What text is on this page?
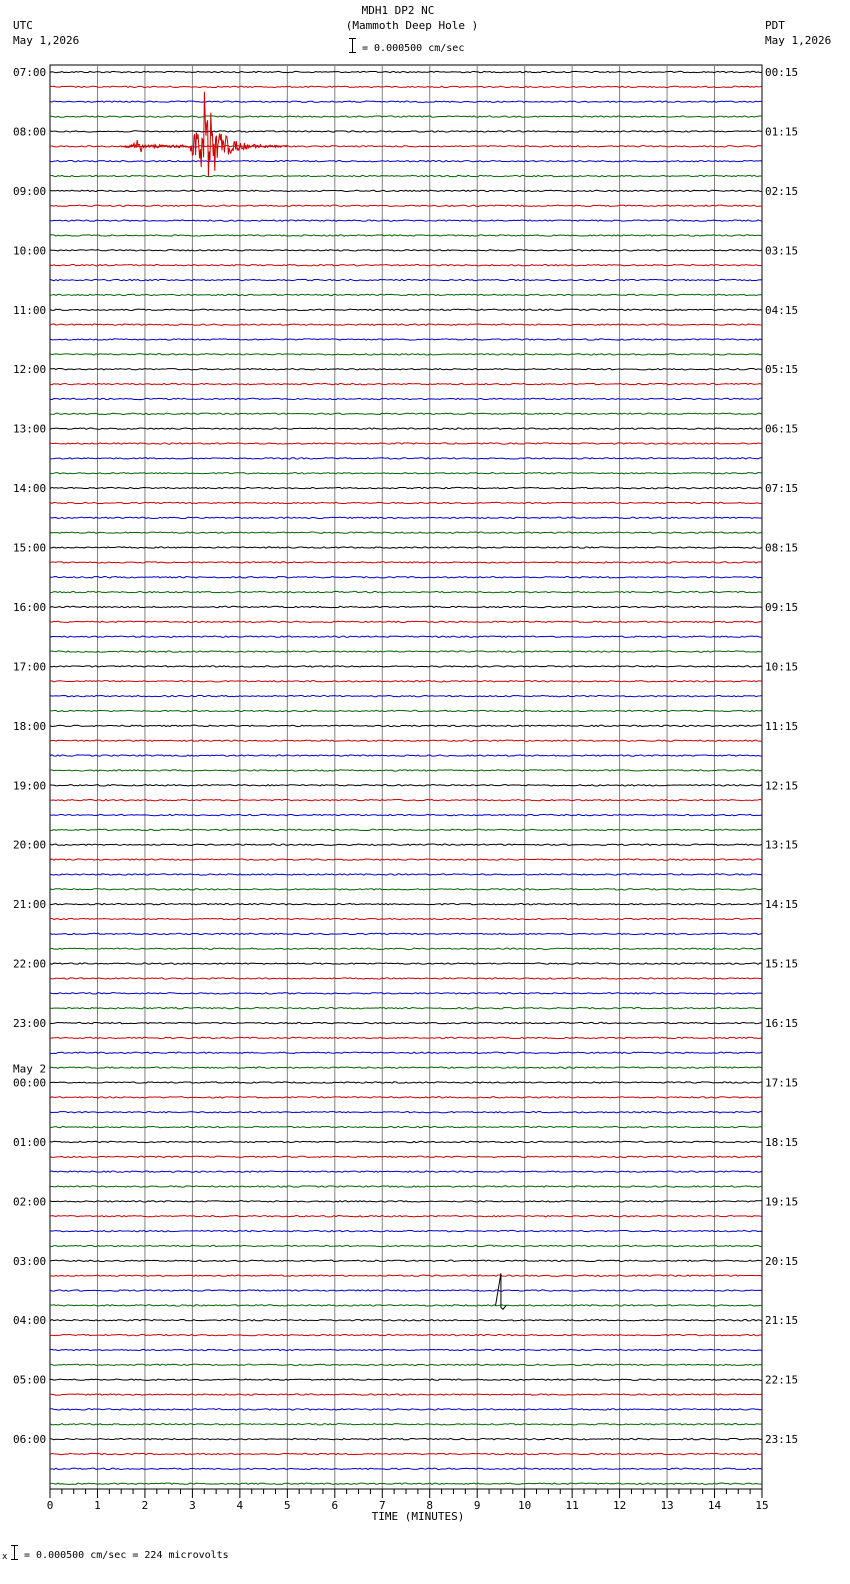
MDH1 DP2 NC
(Mammoth Deep Hole )
= 0.000500 cm/sec
UTC
May 1,2026
PDT
May 1,2026
07:00
08:00
09:00
10:00
11:00
12:00
13:00
14:00
15:00
16:00
17:00
18:00
19:00
20:00
21:00
22:00
23:00
00:00
May 2
01:00
02:00
03:00
04:00
05:00
06:00
00:15
01:15
02:15
03:15
04:15
05:15
06:15
07:15
08:15
09:15
10:15
11:15
12:15
13:15
14:15
15:15
16:15
17:15
18:15
19:15
20:15
21:15
22:15
23:15
0	1	2	3	4	5	6	7	8	9	10	11	12	13	14	15
TIME (MINUTES)
x = 0.000500 cm/sec = 224 microvolts
